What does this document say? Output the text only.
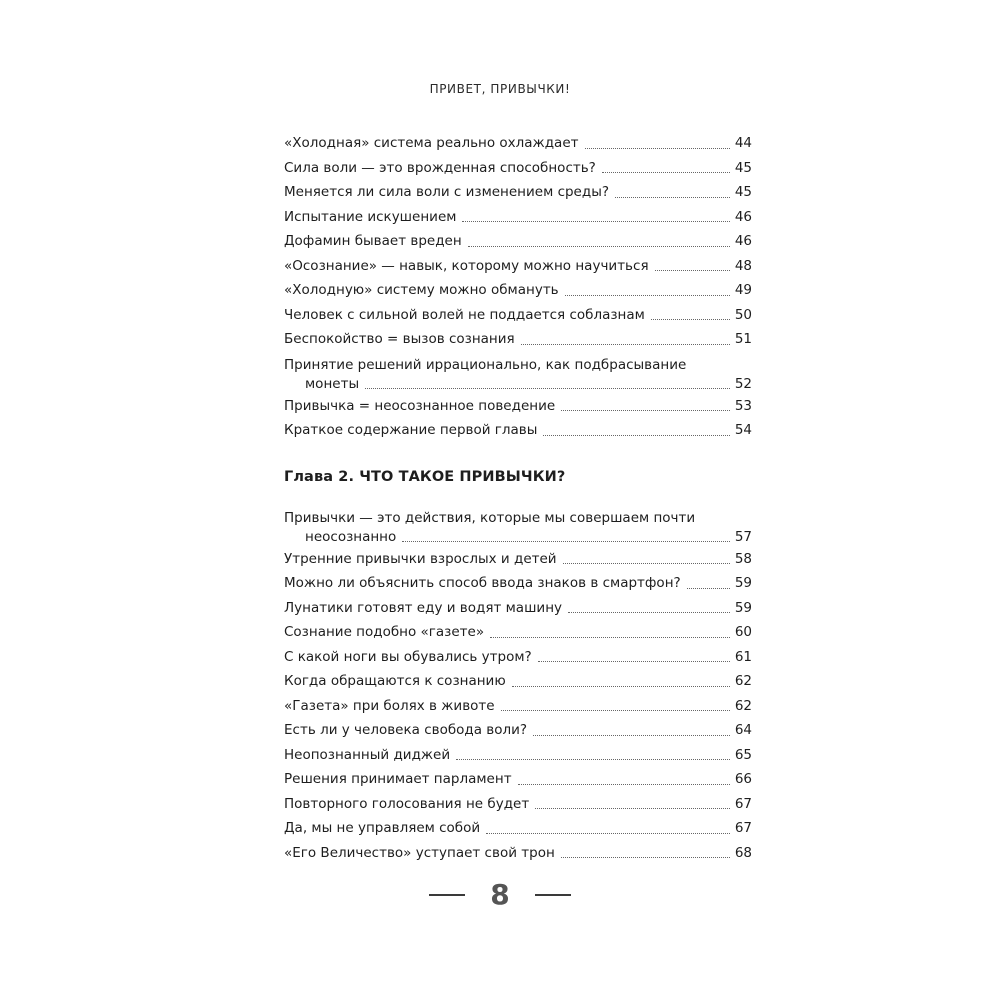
ПРИВЕТ, ПРИВЫЧКИ!
«Холодная» система реально охлаждает	44
Сила воли — это врожденная способность?	45
Меняется ли сила воли с изменением среды?	45
Испытание искушением	46
Дофамин бывает вреден	46
«Осознание» — навык, которому можно научиться	48
«Холодную» систему можно обмануть	49
Человек с сильной волей не поддается соблазнам	50
Беспокойство = вызов сознания	51
Принятие решений иррационально, как подбрасывание
монеты	52
Привычка = неосознанное поведение	53
Краткое содержание первой главы	54
Глава 2. ЧТО ТАКОЕ ПРИВЫЧКИ?
Привычки — это действия, которые мы совершаем почти
неосознанно	57
Утренние привычки взрослых и детей	58
Можно ли объяснить способ ввода знаков в смартфон?	59
Лунатики готовят еду и водят машину	59
Сознание подобно «газете»	60
С какой ноги вы обувались утром?	61
Когда обращаются к сознанию	62
«Газета» при болях в животе	62
Есть ли у человека свобода воли?	64
Неопознанный диджей	65
Решения принимает парламент	66
Повторного голосования не будет	67
Да, мы не управляем собой	67
«Его Величество» уступает свой трон	68
8
